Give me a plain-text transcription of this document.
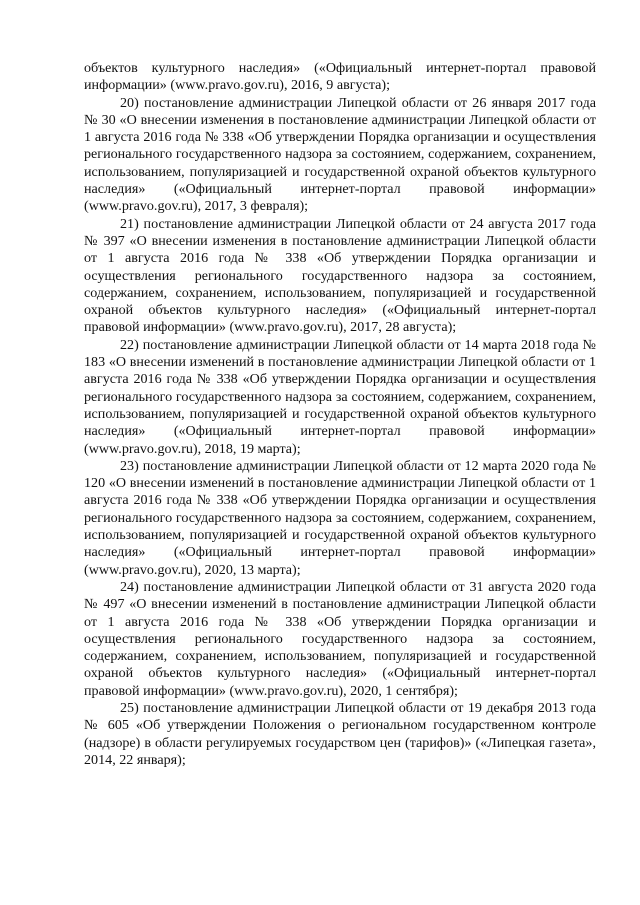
объектов культурного наследия» («Официальный интернет-портал правовой информации» (www.pravo.gov.ru), 2016, 9 августа);

20) постановление администрации Липецкой области от 26 января 2017 года № 30 «О внесении изменения в постановление администрации Липецкой области от 1 августа 2016 года № 338 «Об утверждении Порядка организации и осуществления регионального государственного надзора за состоянием, содержанием, сохранением, использованием, популяризацией и государственной охраной объектов культурного наследия» («Официальный интернет-портал правовой информации» (www.pravo.gov.ru), 2017, 3 февраля);

21) постановление администрации Липецкой области от 24 августа 2017 года № 397 «О внесении изменения в постановление администрации Липецкой области от 1 августа 2016 года № 338 «Об утверждении Порядка организации и осуществления регионального государственного надзора за состоянием, содержанием, сохранением, использованием, популяризацией и государственной охраной объектов культурного наследия» («Официальный интернет-портал правовой информации» (www.pravo.gov.ru), 2017, 28 августа);

22) постановление администрации Липецкой области от 14 марта 2018 года № 183 «О внесении изменений в постановление администрации Липецкой области от 1 августа 2016 года № 338 «Об утверждении Порядка организации и осуществления регионального государственного надзора за состоянием, содержанием, сохранением, использованием, популяризацией и государственной охраной объектов культурного наследия» («Официальный интернет-портал правовой информации» (www.pravo.gov.ru), 2018, 19 марта);

23) постановление администрации Липецкой области от 12 марта 2020 года № 120 «О внесении изменений в постановление администрации Липецкой области от 1 августа 2016 года № 338 «Об утверждении Порядка организации и осуществления регионального государственного надзора за состоянием, содержанием, сохранением, использованием, популяризацией и государственной охраной объектов культурного наследия» («Официальный интернет-портал правовой информации» (www.pravo.gov.ru), 2020, 13 марта);

24) постановление администрации Липецкой области от 31 августа 2020 года № 497 «О внесении изменений в постановление администрации Липецкой области от 1 августа 2016 года № 338 «Об утверждении Порядка организации и осуществления регионального государственного надзора за состоянием, содержанием, сохранением, использованием, популяризацией и государственной охраной объектов культурного наследия» («Официальный интернет-портал правовой информации» (www.pravo.gov.ru), 2020, 1 сентября);

25) постановление администрации Липецкой области от 19 декабря 2013 года № 605 «Об утверждении Положения о региональном государственном контроле (надзоре) в области регулируемых государством цен (тарифов)» («Липецкая газета», 2014, 22 января);
